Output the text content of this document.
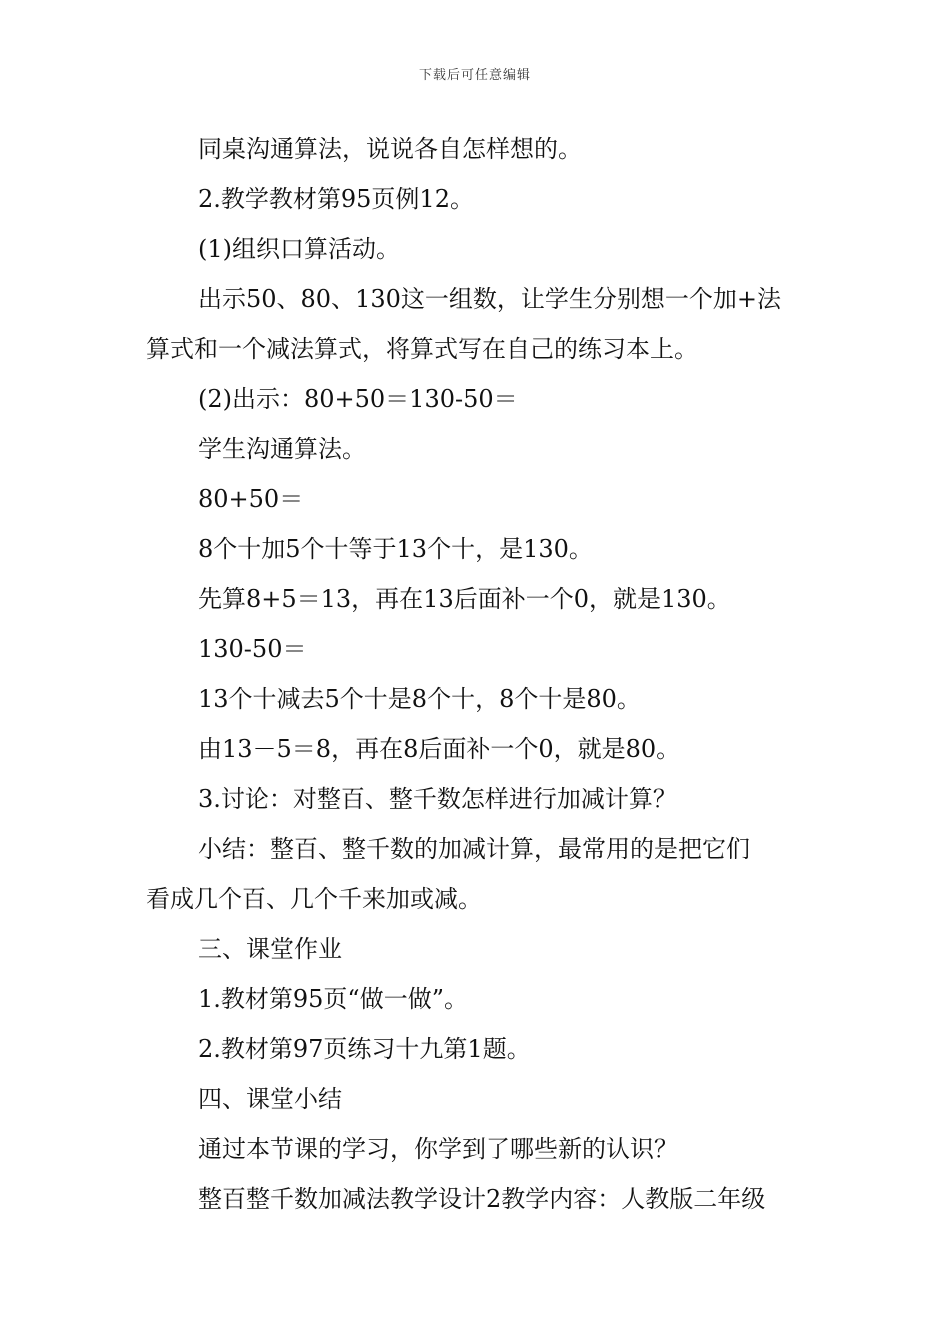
下载后可任意编辑
同桌沟通算法，说说各自怎样想的。
2.教学教材第95页例12。
(1)组织口算活动。
出示50、80、130这一组数，让学生分别想一个加+法
算式和一个减法算式，将算式写在自己的练习本上。
(2)出示：80+50＝130-50＝
学生沟通算法。
80+50＝
8个十加5个十等于13个十，是130。
先算8+5＝13，再在13后面补一个0，就是130。
130-50＝
13个十减去5个十是8个十，8个十是80。
由13－5＝8，再在8后面补一个0，就是80。
3.讨论：对整百、整千数怎样进行加减计算？
小结：整百、整千数的加减计算，最常用的是把它们
看成几个百、几个千来加或减。
三、课堂作业
1.教材第95页“做一做”。
2.教材第97页练习十九第1题。
四、课堂小结
通过本节课的学习，你学到了哪些新的认识？
整百整千数加减法教学设计2教学内容：人教版二年级
